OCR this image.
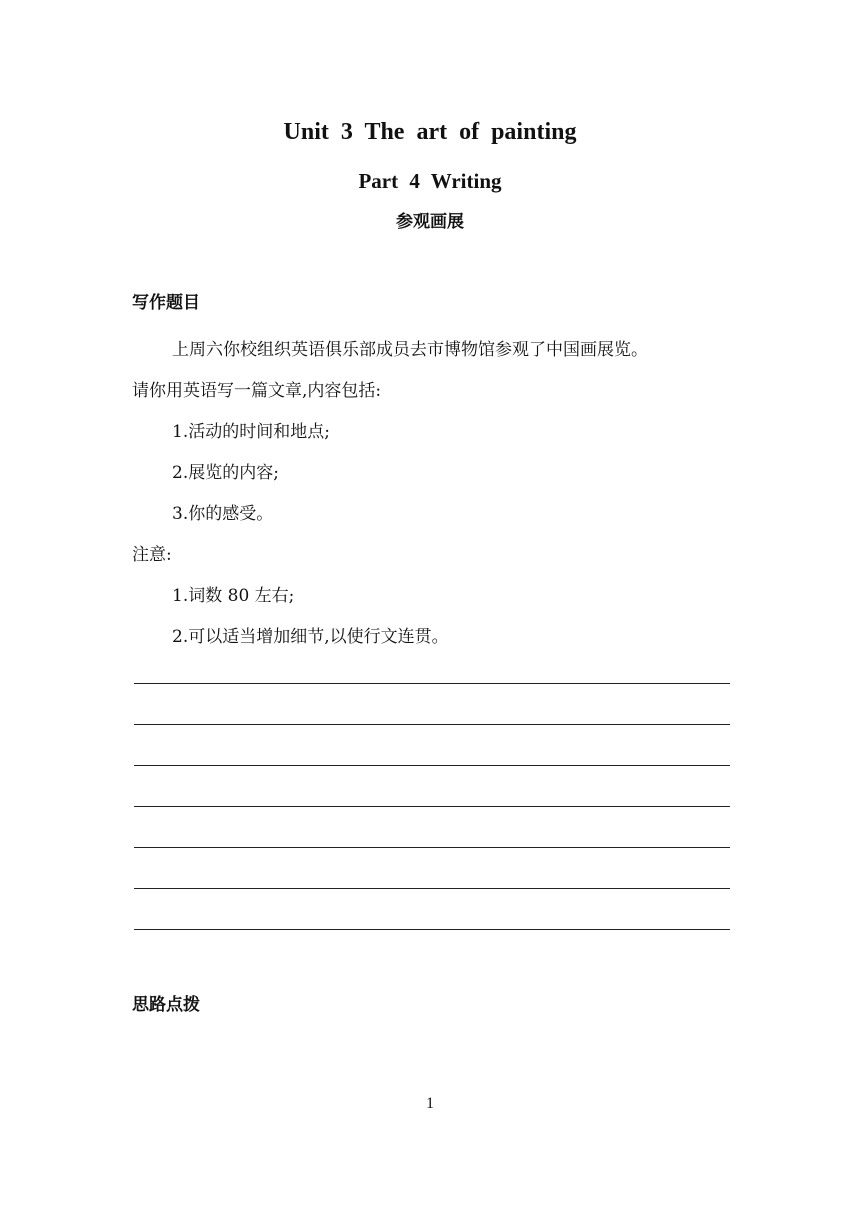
Unit 3 The art of painting
Part 4 Writing
参观画展
写作题目

上周六你校组织英语俱乐部成员去市博物馆参观了中国画展览。

请你用英语写一篇文章,内容包括:

1.活动的时间和地点;

2.展览的内容;

3.你的感受。

注意:

1.词数 80 左右;

2.可以适当增加细节,以使行文连贯。

思路点拨
1
